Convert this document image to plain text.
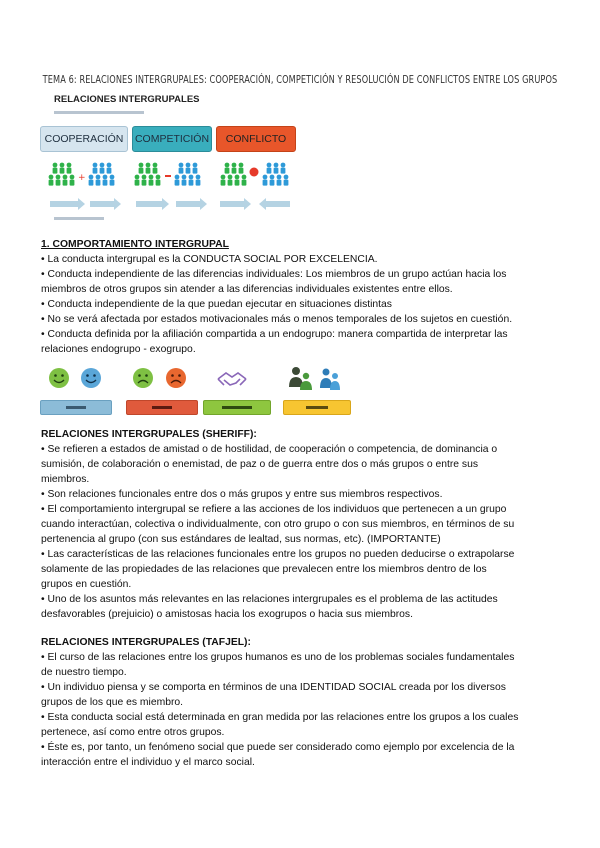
TEMA 6: RELACIONES INTERGRUPALES: COOPERACIÓN, COMPETICIÓN Y RESOLUCIÓN DE CONFLICTOS ENTRE LOS GRUPOS
RELACIONES INTERGRUPALES
COOPERACIÓN	COMPETICIÓN	CONFLICTO
+

1. COMPORTAMIENTO INTERGRUPAL

• La conducta intergrupal es la CONDUCTA SOCIAL POR EXCELENCIA.

• Conducta independiente de las diferencias individuales: Los miembros de un grupo actúan hacia los

miembros de otros grupos sin atender a las diferencias individuales existentes entre ellos.

• Conducta independiente de la que puedan ejecutar en situaciones distintas

• No se verá afectada por estados motivacionales más o menos temporales de los sujetos en cuestión.

• Conducta definida por la afiliación compartida a un endogrupo: manera compartida de interpretar las

relaciones endogrupo - exogrupo.

RELACIONES INTERGRUPALES (SHERIFF):

• Se refieren a estados de amistad o de hostilidad, de cooperación o competencia, de dominancia o

sumisión, de colaboración o enemistad, de paz o de guerra entre dos o más grupos o entre sus

miembros.

• Son relaciones funcionales entre dos o más grupos y entre sus miembros respectivos.

• El comportamiento intergrupal se refiere a las acciones de los individuos que pertenecen a un grupo

cuando interactúan, colectiva o individualmente, con otro grupo o con sus miembros, en términos de su

pertenencia al grupo (con sus estándares de lealtad, sus normas, etc). (IMPORTANTE)

• Las características de las relaciones funcionales entre los grupos no pueden deducirse o extrapolarse

solamente de las propiedades de las relaciones que prevalecen entre los miembros dentro de los

grupos en cuestión.

• Uno de los asuntos más relevantes en las relaciones intergrupales es el problema de las actitudes

desfavorables (prejuicio) o amistosas hacia los exogrupos o hacia sus miembros.

RELACIONES INTERGRUPALES (TAFJEL):

• El curso de las relaciones entre los grupos humanos es uno de los problemas sociales fundamentales

de nuestro tiempo.

• Un individuo piensa y se comporta en términos de una IDENTIDAD SOCIAL creada por los diversos

grupos de los que es miembro.

• Esta conducta social está determinada en gran medida por las relaciones entre los grupos a los cuales

pertenece, así como entre otros grupos.

• Éste es, por tanto, un fenómeno social que puede ser considerado como ejemplo por excelencia de la

interacción entre el individuo y el marco social.
